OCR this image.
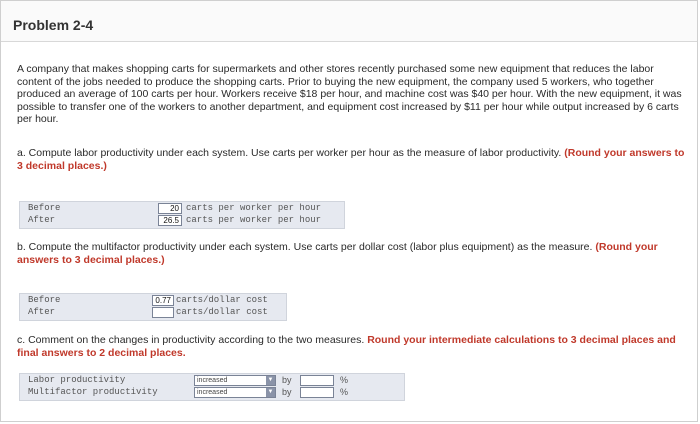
Problem 2-4
A company that makes shopping carts for supermarkets and other stores recently purchased some new equipment that reduces the labor content of the jobs needed to produce the shopping carts. Prior to buying the new equipment, the company used 5 workers, who together produced an average of 100 carts per hour. Workers receive $18 per hour, and machine cost was $40 per hour. With the new equipment, it was possible to transfer one of the workers to another department, and equipment cost increased by $11 per hour while output increased by 6 carts per hour.
a. Compute labor productivity under each system. Use carts per worker per hour as the measure of labor productivity. (Round your answers to 3 decimal places.)
Before	20 carts per worker per hour
After	26.5 carts per worker per hour
b. Compute the multifactor productivity under each system. Use carts per dollar cost (labor plus equipment) as the measure. (Round your answers to 3 decimal places.)
Before	0.77 carts/dollar cost
After	carts/dollar cost
c. Comment on the changes in productivity according to the two measures. Round your intermediate calculations to 3 decimal places and final answers to 2 decimal places.
Labor productivity	increased	▼ by	%
Multifactor productivity	increased	▼ by	%
